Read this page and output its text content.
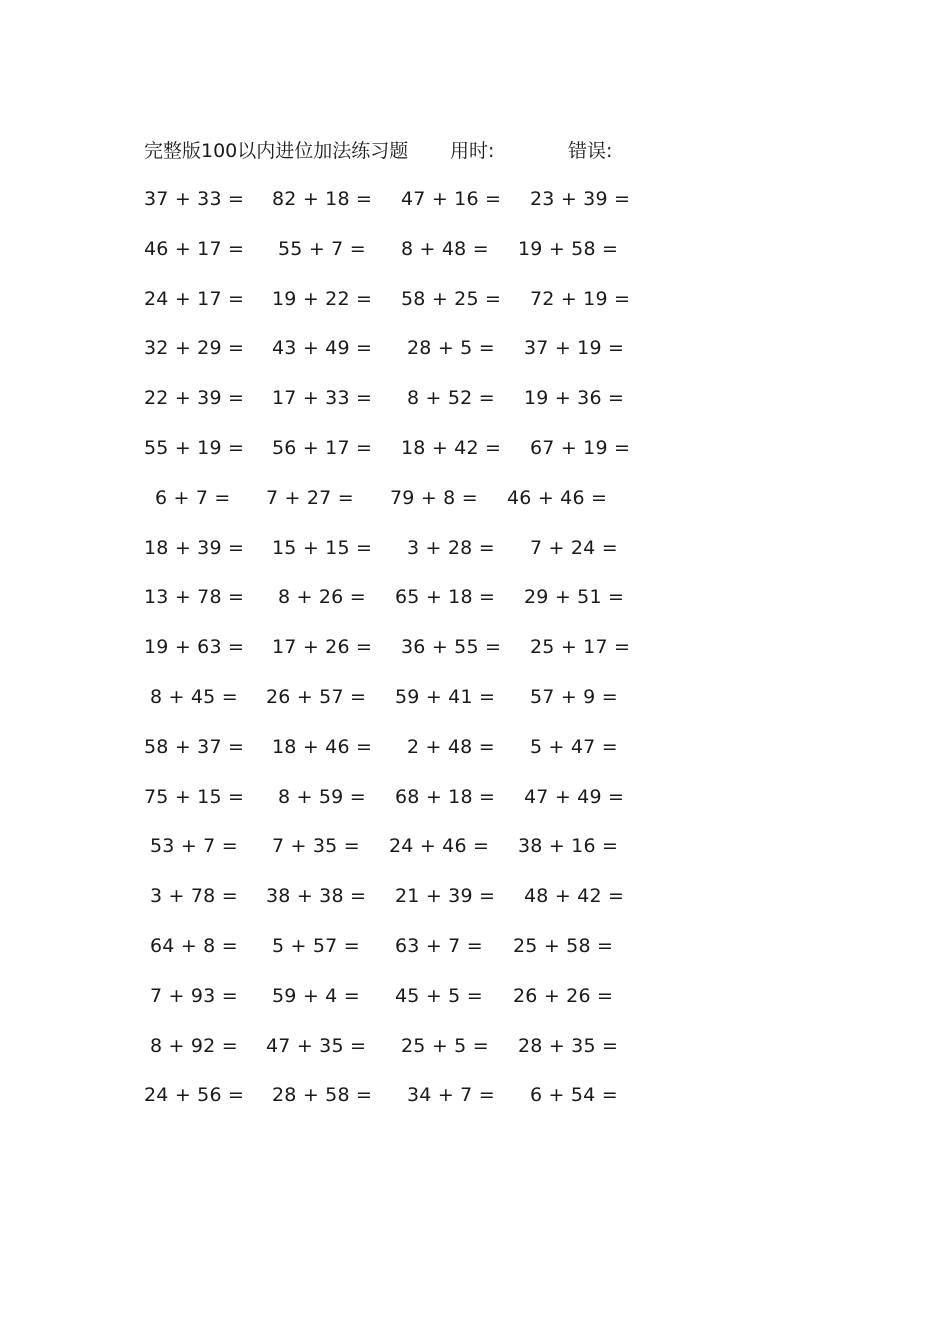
完整版100以内进位加法练习题 用时:	错误:
37 + 33 = 82 + 18 = 47 + 16 = 23 + 39 =
46 + 17 = 55 + 7 = 8 + 48 = 19 + 58 =
24 + 17 = 19 + 22 = 58 + 25 = 72 + 19 =
32 + 29 = 43 + 49 = 28 + 5 = 37 + 19 =
22 + 39 = 17 + 33 = 8 + 52 = 19 + 36 =
55 + 19 = 56 + 17 = 18 + 42 = 67 + 19 =
6 + 7 = 7 + 27 = 79 + 8 = 46 + 46 =
18 + 39 = 15 + 15 = 3 + 28 = 7 + 24 =
13 + 78 = 8 + 26 = 65 + 18 = 29 + 51 =
19 + 63 = 17 + 26 = 36 + 55 = 25 + 17 =
8 + 45 = 26 + 57 = 59 + 41 = 57 + 9 =
58 + 37 = 18 + 46 = 2 + 48 = 5 + 47 =
75 + 15 = 8 + 59 = 68 + 18 = 47 + 49 =
53 + 7 = 7 + 35 = 24 + 46 = 38 + 16 =
3 + 78 = 38 + 38 = 21 + 39 = 48 + 42 =
64 + 8 = 5 + 57 = 63 + 7 = 25 + 58 =
7 + 93 = 59 + 4 = 45 + 5 = 26 + 26 =
8 + 92 = 47 + 35 = 25 + 5 = 28 + 35 =
24 + 56 = 28 + 58 = 34 + 7 = 6 + 54 =
